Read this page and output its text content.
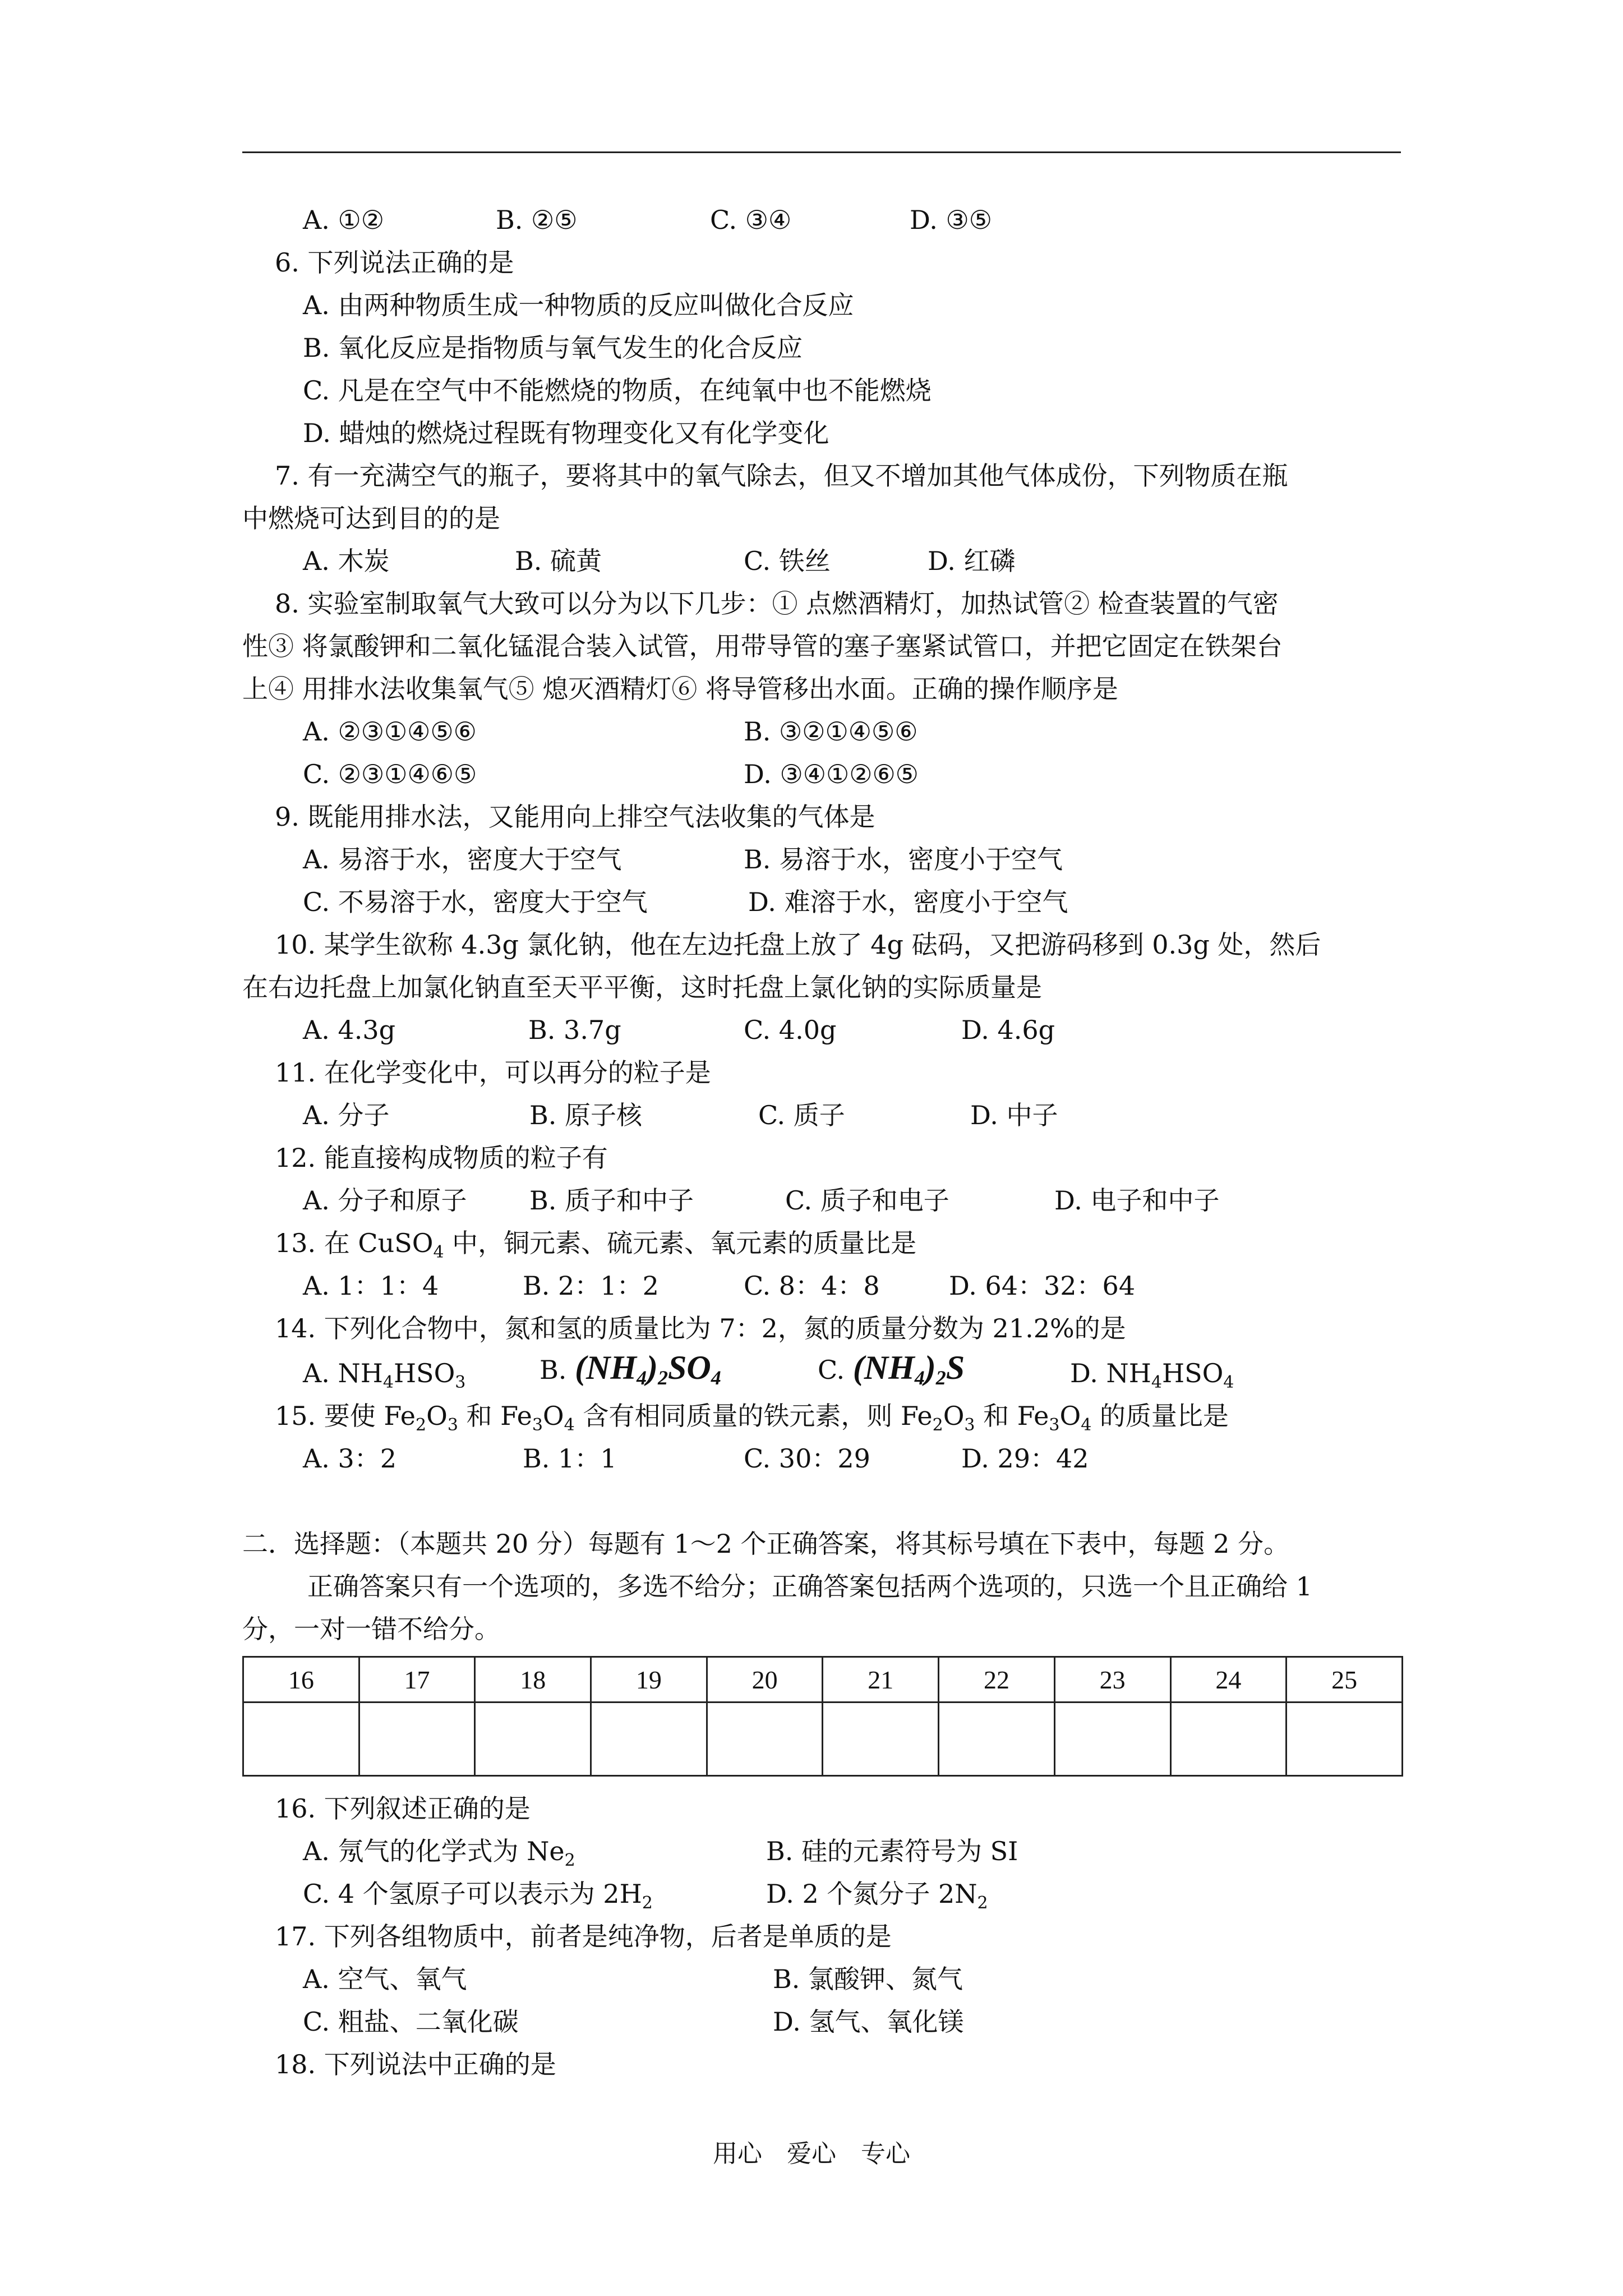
A. ①②	B. ②⑤	C. ③④	D. ③⑤
6. 下列说法正确的是
A. 由两种物质生成一种物质的反应叫做化合反应
B. 氧化反应是指物质与氧气发生的化合反应
C. 凡是在空气中不能燃烧的物质，在纯氧中也不能燃烧
D. 蜡烛的燃烧过程既有物理变化又有化学变化
7. 有一充满空气的瓶子，要将其中的氧气除去，但又不增加其他气体成份，下列物质在瓶
中燃烧可达到目的的是
A. 木炭	B. 硫黄	C. 铁丝	D. 红磷
8. 实验室制取氧气大致可以分为以下几步：① 点燃酒精灯，加热试管② 检查装置的气密
性③ 将氯酸钾和二氧化锰混合装入试管，用带导管的塞子塞紧试管口，并把它固定在铁架台
上④ 用排水法收集氧气⑤ 熄灭酒精灯⑥ 将导管移出水面。正确的操作顺序是
A. ②③①④⑤⑥	B. ③②①④⑤⑥
C. ②③①④⑥⑤	D. ③④①②⑥⑤
9. 既能用排水法，又能用向上排空气法收集的气体是
A. 易溶于水，密度大于空气	B. 易溶于水，密度小于空气
C. 不易溶于水，密度大于空气	D. 难溶于水，密度小于空气
10. 某学生欲称 4.3g 氯化钠，他在左边托盘上放了 4g 砝码，又把游码移到 0.3g 处，然后
在右边托盘上加氯化钠直至天平平衡，这时托盘上氯化钠的实际质量是
A. 4.3g	B. 3.7g	C. 4.0g	D. 4.6g
11. 在化学变化中，可以再分的粒子是
A. 分子	B. 原子核	C. 质子	D. 中子
12. 能直接构成物质的粒子有
A. 分子和原子 B. 质子和中子	C. 质子和电子	D. 电子和中子
13. 在 CuSO$_4$ 中，铜元素、硫元素、氧元素的质量比是
A. 1：1：4	B. 2：1：2	C. 8：4：8	D. 64：32：64
14. 下列化合物中，氮和氢的质量比为 7：2，氮的质量分数为 21.2%的是
A. $NH_4HSO_3$	B. $(NH_4)_2SO_4$	C. $(NH_4)_2S$	D. $NH_4HSO_4$
15. 要使 $Fe_2O_3$ 和 $Fe_3O_4$ 含有相同质量的铁元素，则 $Fe_2O_3$ 和 $Fe_3O_4$ 的质量比是
A. 3：2	B. 1：1	C. 30：29	D. 29：42
二．选择题：（本题共 20 分）每题有 1～2 个正确答案，将其标号填在下表中，每题 2 分。
正确答案只有一个选项的，多选不给分；正确答案包括两个选项的，只选一个且正确给 1
分，一对一错不给分。
16	17	18	19	20	21	22	23	24	25

16. 下列叙述正确的是
A. 氖气的化学式为 $Ne_2$	B. 硅的元素符号为 SI
C. 4 个氢原子可以表示为 $2H_2$	D. 2 个氮分子 $2N_2$
17. 下列各组物质中，前者是纯净物，后者是单质的是
A. 空气、氧气	B. 氯酸钾、氮气
C. 粗盐、二氧化碳	D. 氢气、氧化镁
18. 下列说法中正确的是
用心 爱心 专心
